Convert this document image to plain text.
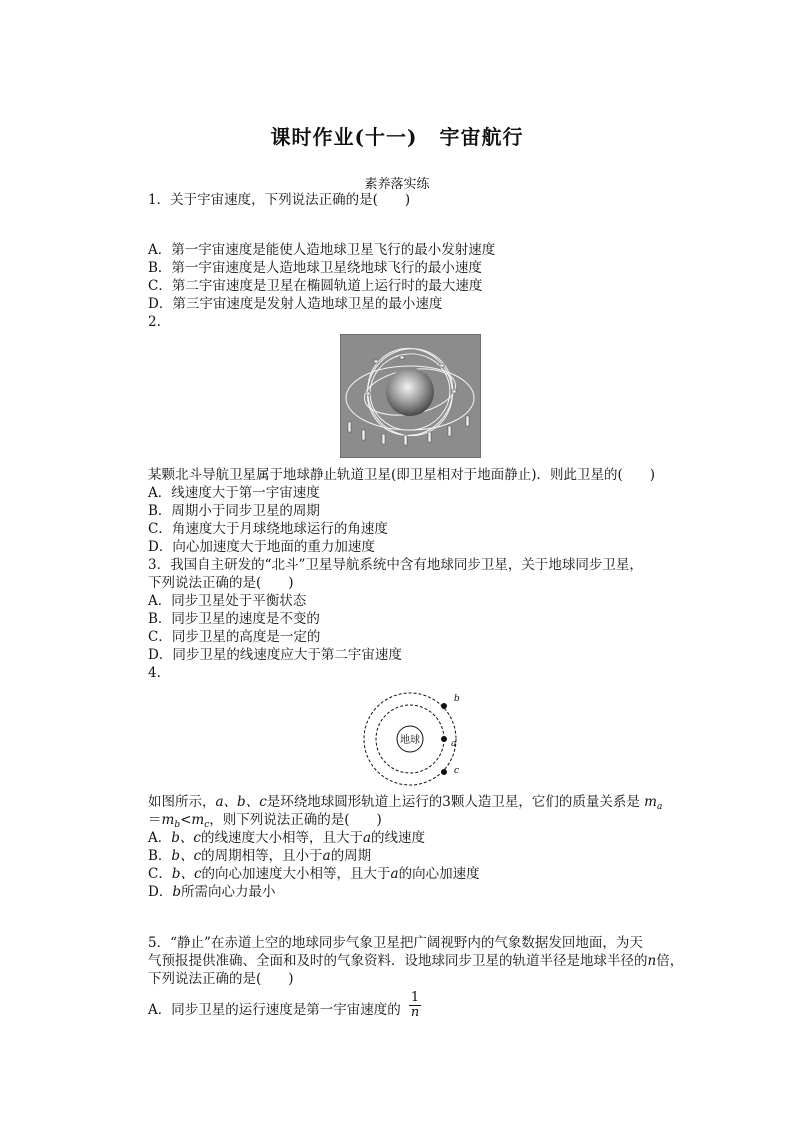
课时作业(十一) 宇宙航行
素养落实练
1．关于宇宙速度，下列说法正确的是(　　)
A．第一宇宙速度是能使人造地球卫星飞行的最小发射速度
B．第一宇宙速度是人造地球卫星绕地球飞行的最小速度
C．第二宇宙速度是卫星在椭圆轨道上运行时的最大速度
D．第三宇宙速度是发射人造地球卫星的最小速度
2.
某颗北斗导航卫星属于地球静止轨道卫星(即卫星相对于地面静止)．则此卫星的(　　)
A．线速度大于第一宇宙速度
B．周期小于同步卫星的周期
C．角速度大于月球绕地球运行的角速度
D．向心加速度大于地面的重力加速度
3．我国自主研发的“北斗”卫星导航系统中含有地球同步卫星，关于地球同步卫星，
下列说法正确的是(　　)
A．同步卫星处于平衡状态
B．同步卫星的速度是不变的
C．同步卫星的高度是一定的
D．同步卫星的线速度应大于第二宇宙速度
4.
地球	a
b
c
如图所示，a、b、c是环绕地球圆形轨道上运行的3颗人造卫星，它们的质量关系是 $m_a$
$=m_b<m_c$，则下列说法正确的是(　　)
A．b、c的线速度大小相等，且大于a的线速度
B．b、c的周期相等，且小于a的周期
C．b、c的向心加速度大小相等，且大于a的向心加速度
D．b所需向心力最小
5．“静止”在赤道上空的地球同步气象卫星把广阔视野内的气象数据发回地面，为天
气预报提供准确、全面和及时的气象资料．设地球同步卫星的轨道半径是地球半径的n倍，
下列说法正确的是(　　)
A．同步卫星的运行速度是第一宇宙速度的 $\frac{1}{n}$
